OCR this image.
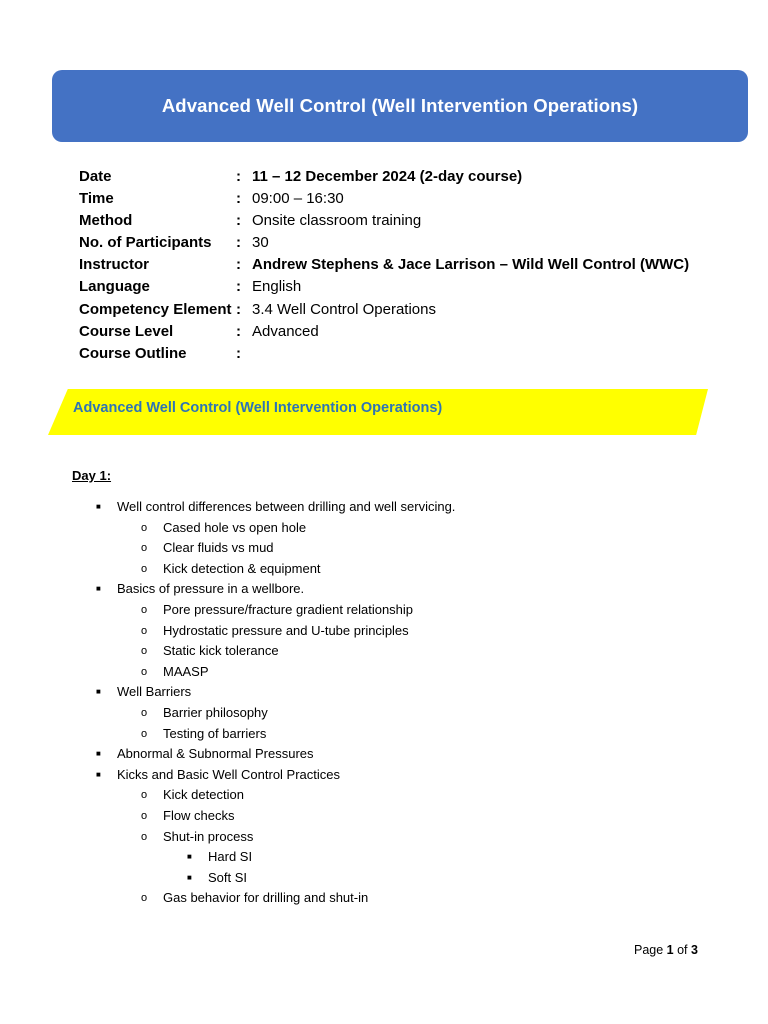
Advanced Well Control (Well Intervention Operations)
Date	: 11 – 12 December 2024 (2-day course)
Time	: 09:00 – 16:30
Method	: Onsite classroom training
No. of Participants	: 30
Instructor	: Andrew Stephens & Jace Larrison – Wild Well Control (WWC)
Language	: English
Competency Element : 3.4 Well Control Operations
Course Level	: Advanced
Course Outline	:
Advanced Well Control (Well Intervention Operations)
Day 1:
■ Well control differences between drilling and well servicing.
o Cased hole vs open hole
o Clear fluids vs mud
o Kick detection & equipment
■ Basics of pressure in a wellbore.
o Pore pressure/fracture gradient relationship
o Hydrostatic pressure and U-tube principles
o Static kick tolerance
o MAASP
■ Well Barriers
o Barrier philosophy
o Testing of barriers
■ Abnormal & Subnormal Pressures
■ Kicks and Basic Well Control Practices
o Kick detection
o Flow checks
o Shut-in process
■ Hard SI
■ Soft SI
o Gas behavior for drilling and shut-in
Page 1 of 3
